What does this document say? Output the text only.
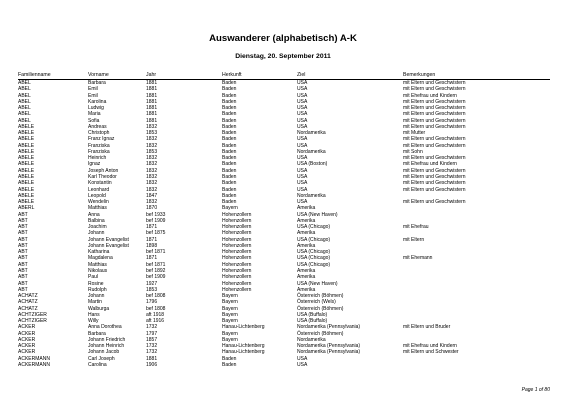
Auswanderer (alphabetisch) A-K
Dienstag, 20. September 2011
Familienname	Vorname	Jahr	Herkunft	Ziel	Bemerkungen
ABEL	Barbara	1881	Baden	USA	mit Eltern und Geschwistern
ABEL	Emil	1881	Baden	USA	mit Eltern und Geschwistern
ABEL	Emil	1881	Baden	USA	mit Ehefrau und Kindern
ABEL	Karolina	1881	Baden	USA	mit Eltern und Geschwistern
ABEL	Ludwig	1881	Baden	USA	mit Eltern und Geschwistern
ABEL	Maria	1881	Baden	USA	mit Eltern und Geschwistern
ABEL	Sofia	1881	Baden	USA	mit Eltern und Geschwistern
ABELE	Andreas	1832	Baden	USA	mit Eltern und Geschwistern
ABELE	Christoph	1853	Baden	Nordamerika	mit Mutter
ABELE	Franz Ignaz	1832	Baden	USA	mit Eltern und Geschwistern
ABELE	Franziska	1832	Baden	USA	mit Eltern und Geschwistern
ABELE	Franziska	1853	Baden	Nordamerika	mit Sohn
ABELE	Heinrich	1832	Baden	USA	mit Eltern und Geschwistern
ABELE	Ignaz	1832	Baden	USA (Boston)	mit Ehefrau und Kindern
ABELE	Joseph Anton	1832	Baden	USA	mit Eltern und Geschwistern
ABELE	Karl Theodor	1832	Baden	USA	mit Eltern und Geschwistern
ABELE	Konstantin	1832	Baden	USA	mit Eltern und Geschwistern
ABELE	Leonhard	1832	Baden	USA	mit Eltern und Geschwistern
ABELE	Leopold	1847	Baden	Nordamerika
ABELE	Wendelin	1832	Baden	USA	mit Eltern und Geschwistern
ABERL	Matthias	1870	Bayern	Amerika
ABT	Anna	bef 1933	Hohenzollern	USA (New Haven)
ABT	Balbina	bef 1909	Hohenzollern	Amerika
ABT	Joachim	1871	Hohenzollern	USA (Chicago)	mit Ehefrau
ABT	Johann	bef 1875	Hohenzollern	Amerika
ABT	Johann Evangelist	1871	Hohenzollern	USA (Chicago)	mit Eltern
ABT	Johann Evangelist	1898	Hohenzollern	Amerika
ABT	Katharina	bef 1871	Hohenzollern	USA (Chicago)
ABT	Magdalena	1871	Hohenzollern	USA (Chicago)	mit Ehemann
ABT	Matthias	bef 1871	Hohenzollern	USA (Chicago)
ABT	Nikolaus	bef 1892	Hohenzollern	Amerika
ABT	Paul	bef 1909	Hohenzollern	Amerika
ABT	Rosine	1927	Hohenzollern	USA (New Haven)
ABT	Rudolph	1853	Hohenzollern	Amerika
ACHATZ	Johann	bef 1808	Bayern	Österreich (Böhmen)
ACHATZ	Martin	1796	Bayern	Österreich (Wels)
ACHATZ	Walburga	bef 1808	Bayern	Österreich (Böhmen)
ACHTZIGER	Hans	aft 1918	Bayern	USA (Buffalo)
ACHTZIGER	Willy	aft 1916	Bayern	USA (Buffalo)
ACKER	Anna Dorothea	1732	Hanau-Lichtenberg	Nordamerika (Pennsylvania)	mit Eltern und Bruder
ACKER	Barbara	1797	Bayern	Österreich (Böhmen)
ACKER	Johann Friedrich	1857	Bayern	Nordamerika
ACKER	Johann Heinrich	1732	Hanau-Lichtenberg	Nordamerika (Pennsylvania)	mit Ehefrau und Kindern
ACKER	Johann Jacob	1732	Hanau-Lichtenberg	Nordamerika (Pennsylvania)	mit Eltern und Schwester
ACKERMANN	Carl Joseph	1881	Baden	USA
ACKERMANN	Carolina	1906	Baden	USA
Page 1 of 80
